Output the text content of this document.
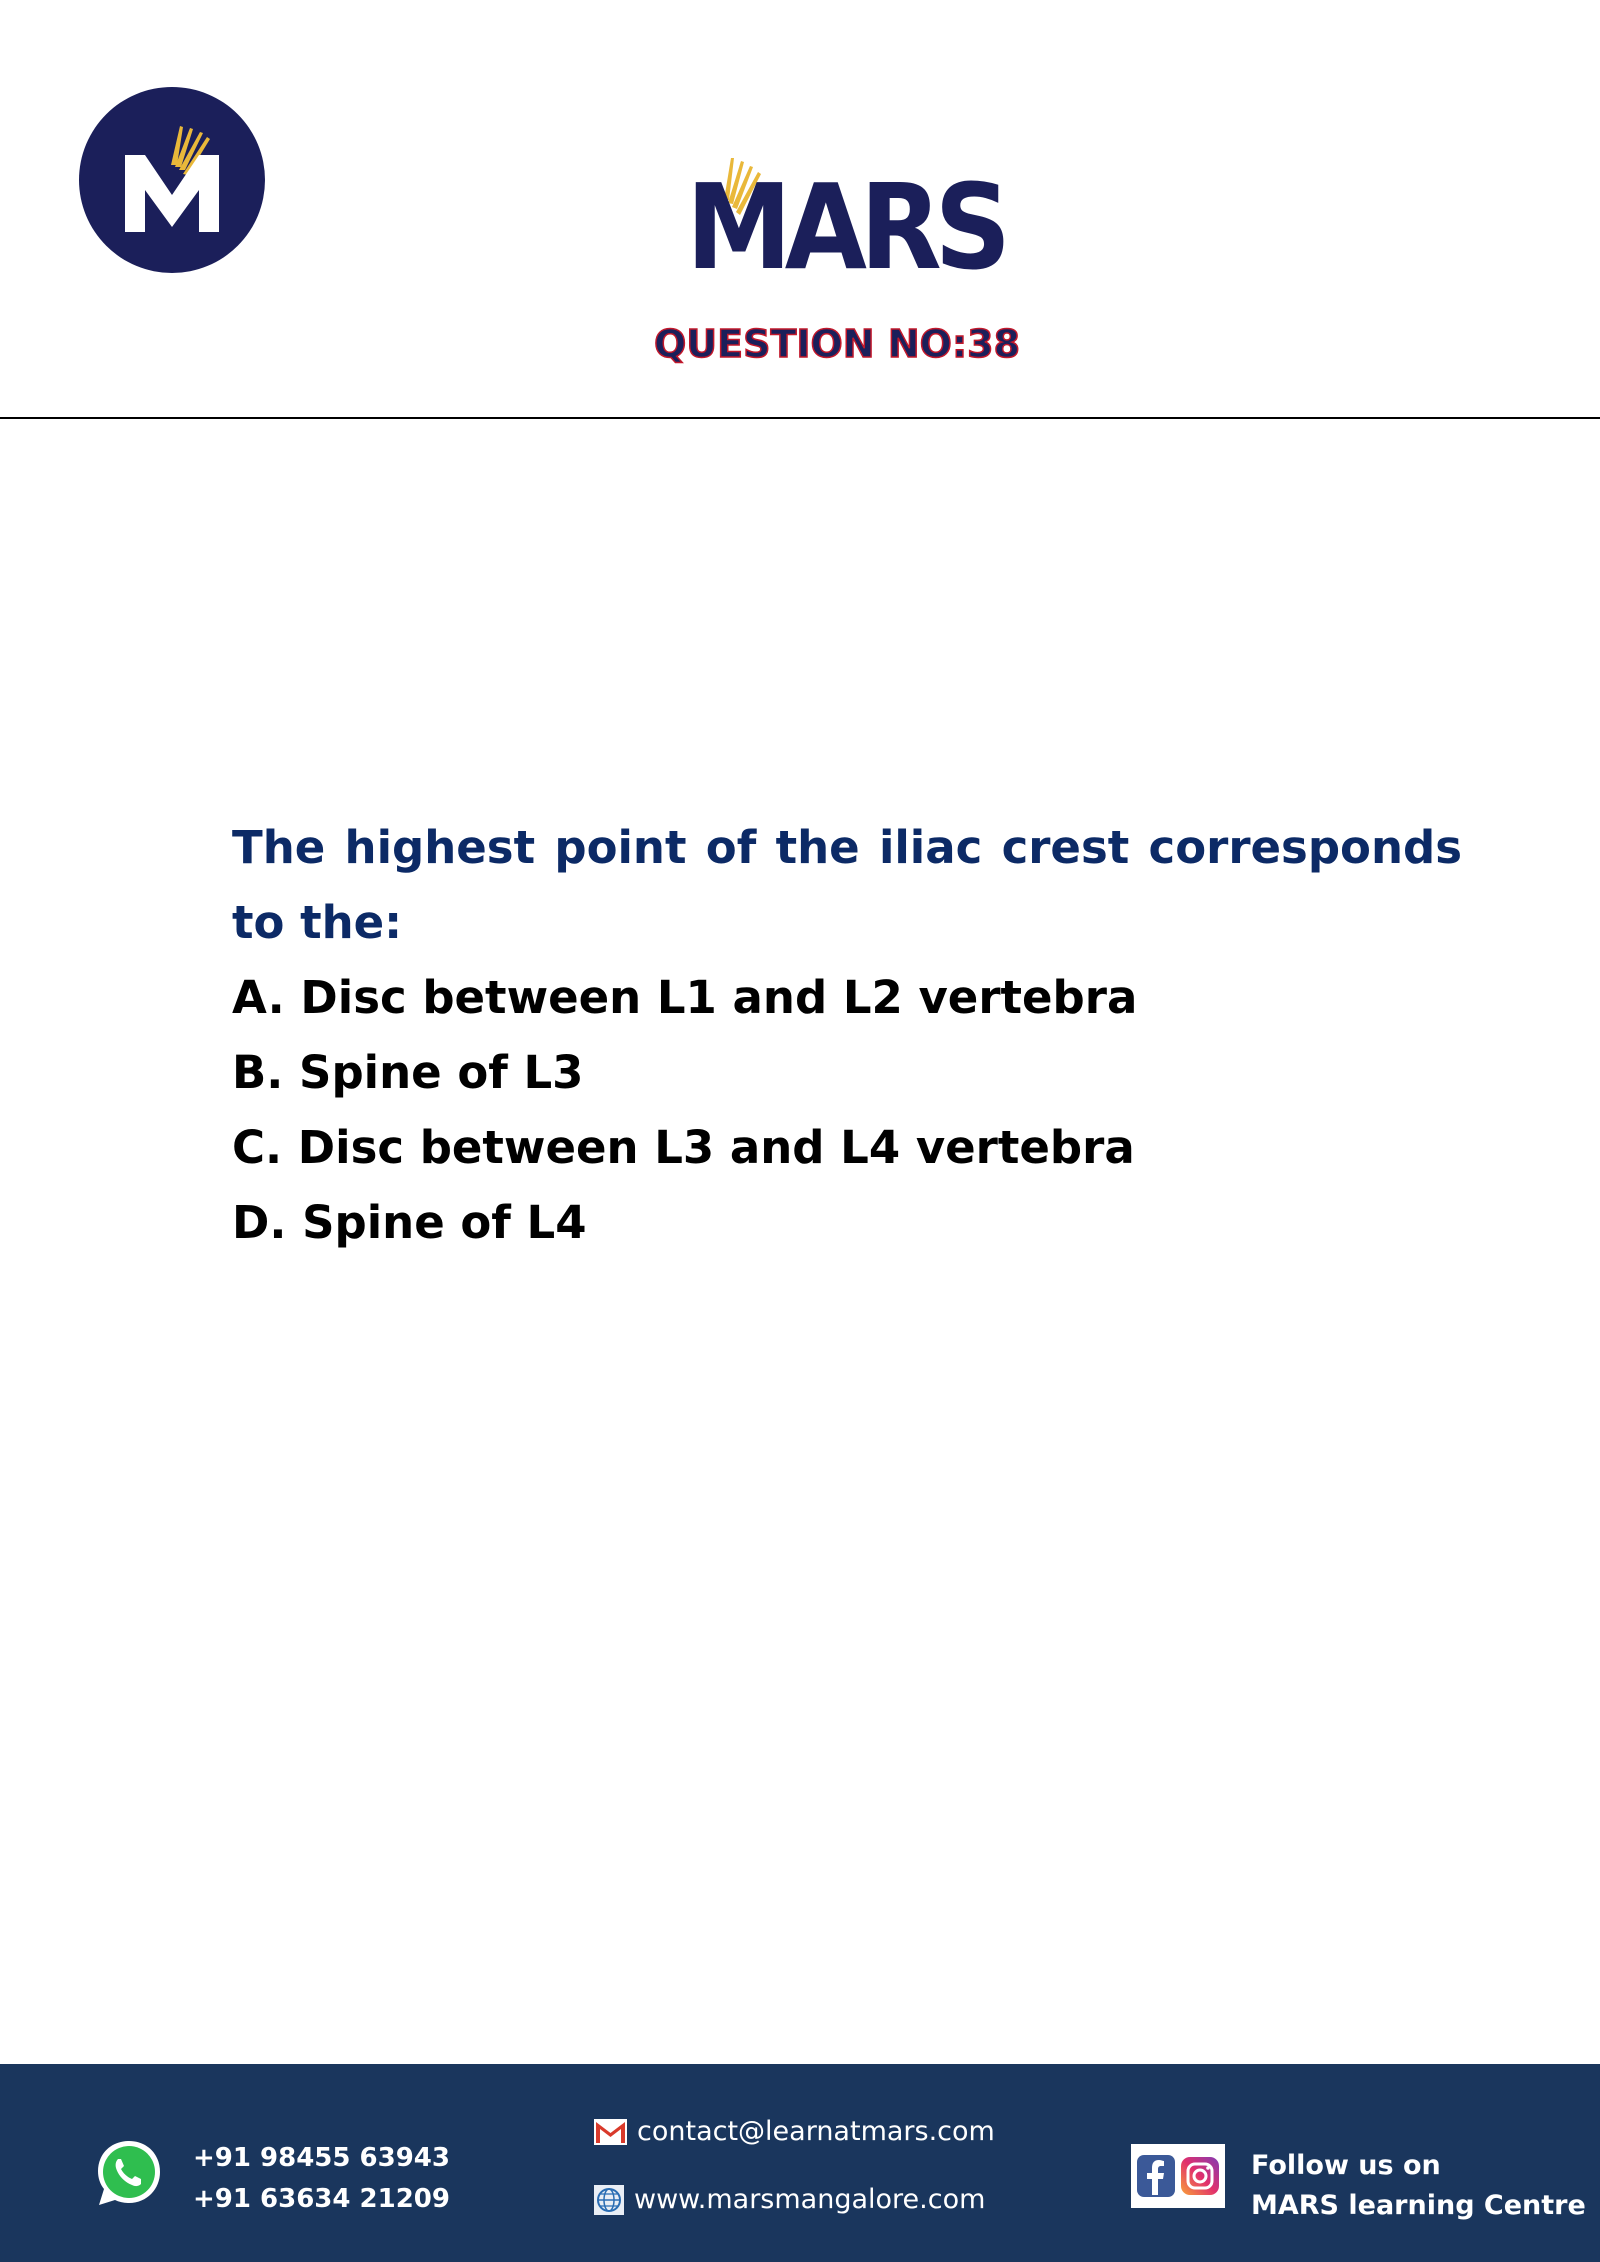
MARS
QUESTION NO:38

The highest point of the iliac crest corresponds to the:

A. Disc between L1 and L2 vertebra

B. Spine of L3

C. Disc between L3 and L4 vertebra

D. Spine of L4

+91 98455 63943
+91 63634 21209
contact@learnatmars.com
www.marsmangalore.com
Follow us on
MARS learning Centre
